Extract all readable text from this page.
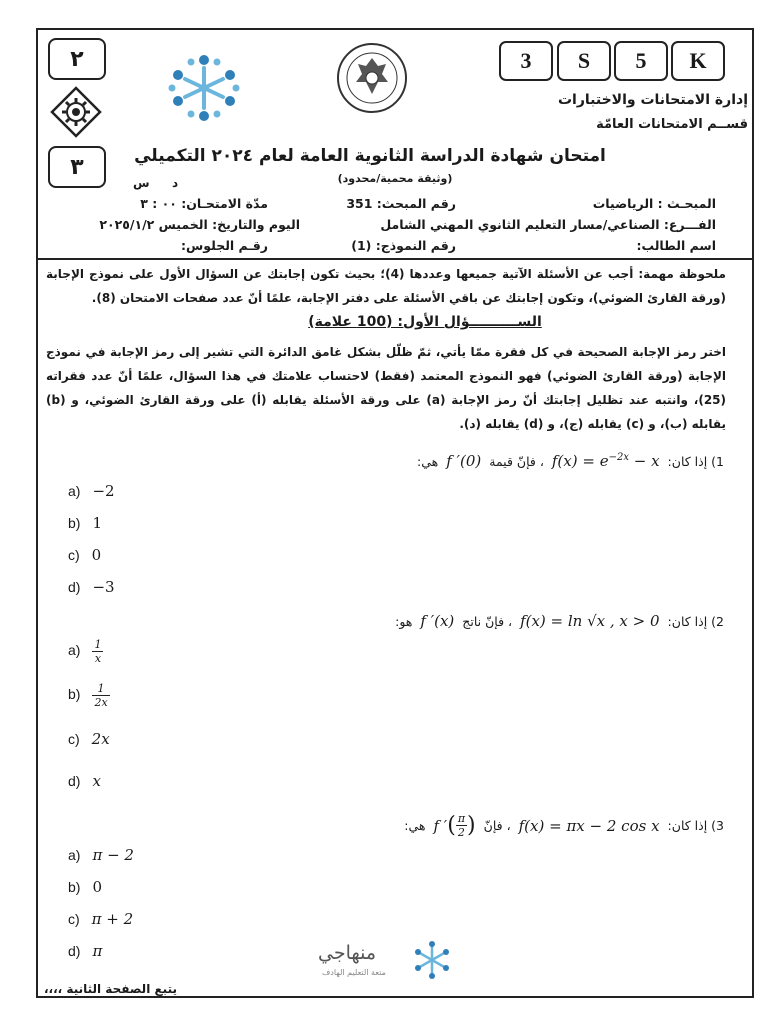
3	S	5	K
إدارة الامتحانات والاختبارات
قســم الامتحانات العامّة
٢
٣	امتحان شهادة الدراسة الثانوية العامة لعام ٢٠٢٤ التكميلي
(وثيقة محمية/محدود)
س د
المبحـث : الرياضيات
رقم المبحث: 351
مدّة الامتحـان: ٠٠ : ٣
الفـــرع: الصناعي/مسار التعليم الثانوي المهني الشامل
اليوم والتاريخ: الخميس ٢٠٢٥/١/٢
اسم الطالب:
رقم النموذج: (1)
رقـم الجلوس:
ملحوظة مهمة: أجب عن الأسئلة الآتية جميعها وعددها (4)؛ بحيث تكون إجابتك عن السؤال الأول على نموذج الإجابة (ورقة القارئ الضوئي)، وتكون إجابتك عن باقي الأسئلة على دفتر الإجابة، علمًا أنّ عدد صفحات الامتحان (8).
الســــــــــؤال الأول: (100 علامة)
اختر رمز الإجابة الصحيحة في كل فقرة ممّا يأتي، ثمّ ظلّل بشكل غامق الدائرة التي تشير إلى رمز الإجابة في نموذج الإجابة (ورقة القارئ الضوئي) فهو النموذج المعتمد (فقط) لاحتساب علامتك في هذا السؤال، علمًا أنّ عدد فقراته (25)، وانتبه عند تظليل إجابتك أنّ رمز الإجابة (a) على ورقة الأسئلة يقابله (أ) على ورقة القارئ الضوئي، و (b) يقابله (ب)، و (c) يقابله (ج)، و (d) يقابله (د).
1) إذا كان:
$f(x) = e^{-2x} - x$
، فإنّ قيمة
f ′(0)
هي:
a) −2
b) 1
c) 0
d) −3
2) إذا كان:
f(x) = ln √x , x > 0
، فإنّ ناتج
f ′(x)
هو:
$a) \frac{1}{x}$
$b) \frac{1}{2x}$
c) 2x
d) x
3) إذا كان:
f(x) = πx − 2 cos x
، فإنّ
f ′ ( $\frac{\pi}{2}$ )
هي:
a) π − 2
b) 0
c) π + 2
d) π	منهاجي
متعة التعليم الهادف
يتبع الصفحة الثانية ،،،،
